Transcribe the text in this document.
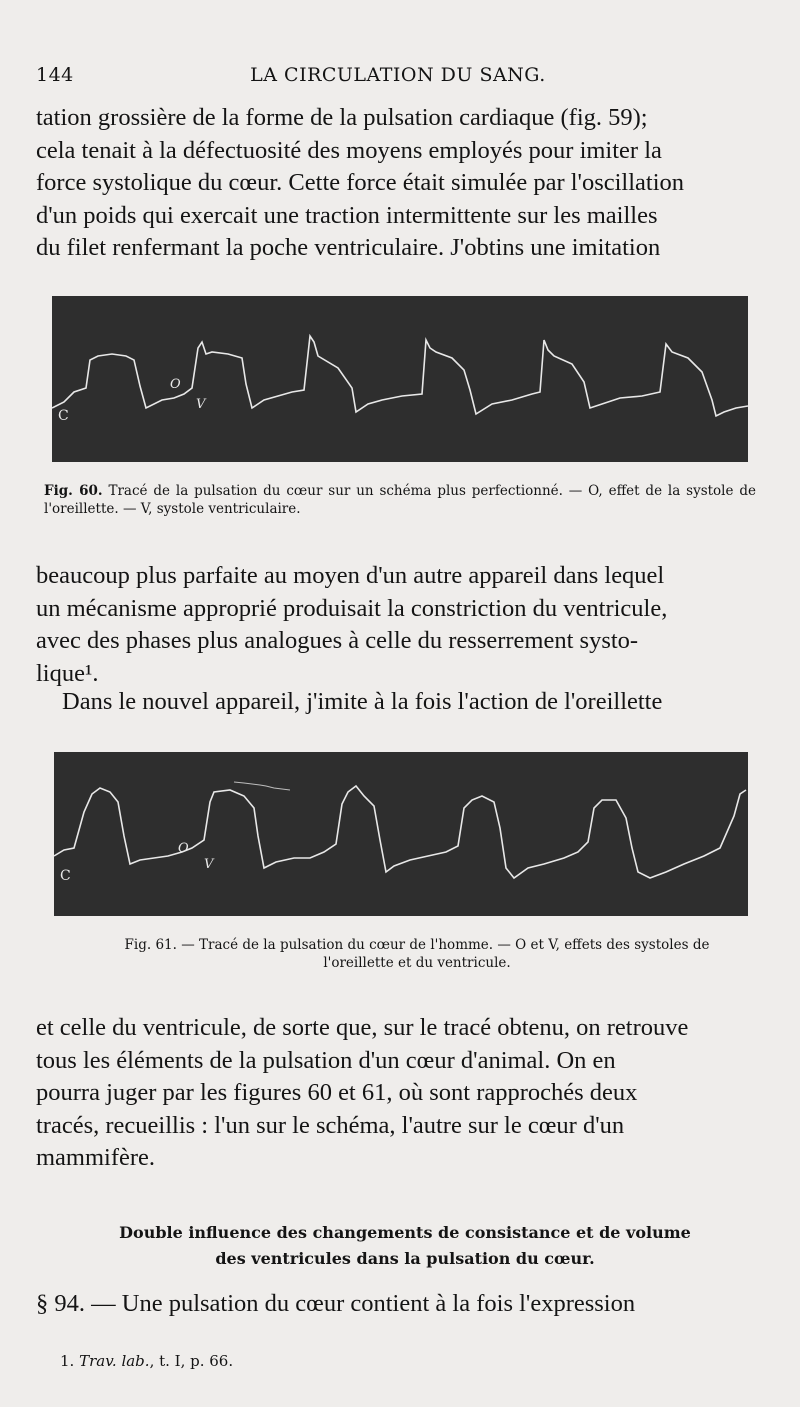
144	LA CIRCULATION DU SANG.

tation grossière de la forme de la pulsation cardiaque (fig. 59);

cela tenait à la défectuosité des moyens employés pour imiter la

force systolique du cœur. Cette force était simulée par l'oscillation

d'un poids qui exercait une traction intermittente sur les mailles

du filet renfermant la poche ventriculaire. J'obtins une imitation

C
O
V
Fig. 60. Tracé de la pulsation du cœur sur un schéma plus perfectionné. — O, effet de la systole de l'oreillette. — V, systole ventriculaire.

beaucoup plus parfaite au moyen d'un autre appareil dans lequel

un mécanisme approprié produisait la constriction du ventricule,

avec des phases plus analogues à celle du resserrement systo-

lique¹.

Dans le nouvel appareil, j'imite à la fois l'action de l'oreillette

C
O
V
Fig. 61. — Tracé de la pulsation du cœur de l'homme. — O et V, effets des systoles de l'oreillette et du ventricule.

et celle du ventricule, de sorte que, sur le tracé obtenu, on retrouve

tous les éléments de la pulsation d'un cœur d'animal. On en

pourra juger par les figures 60 et 61, où sont rapprochés deux

tracés, recueillis : l'un sur le schéma, l'autre sur le cœur d'un

mammifère.

Double influence des changements de consistance et de volume
des ventricules dans la pulsation du cœur.
§ 94. — Une pulsation du cœur contient à la fois l'expression
1. Trav. lab., t. I, p. 66.
